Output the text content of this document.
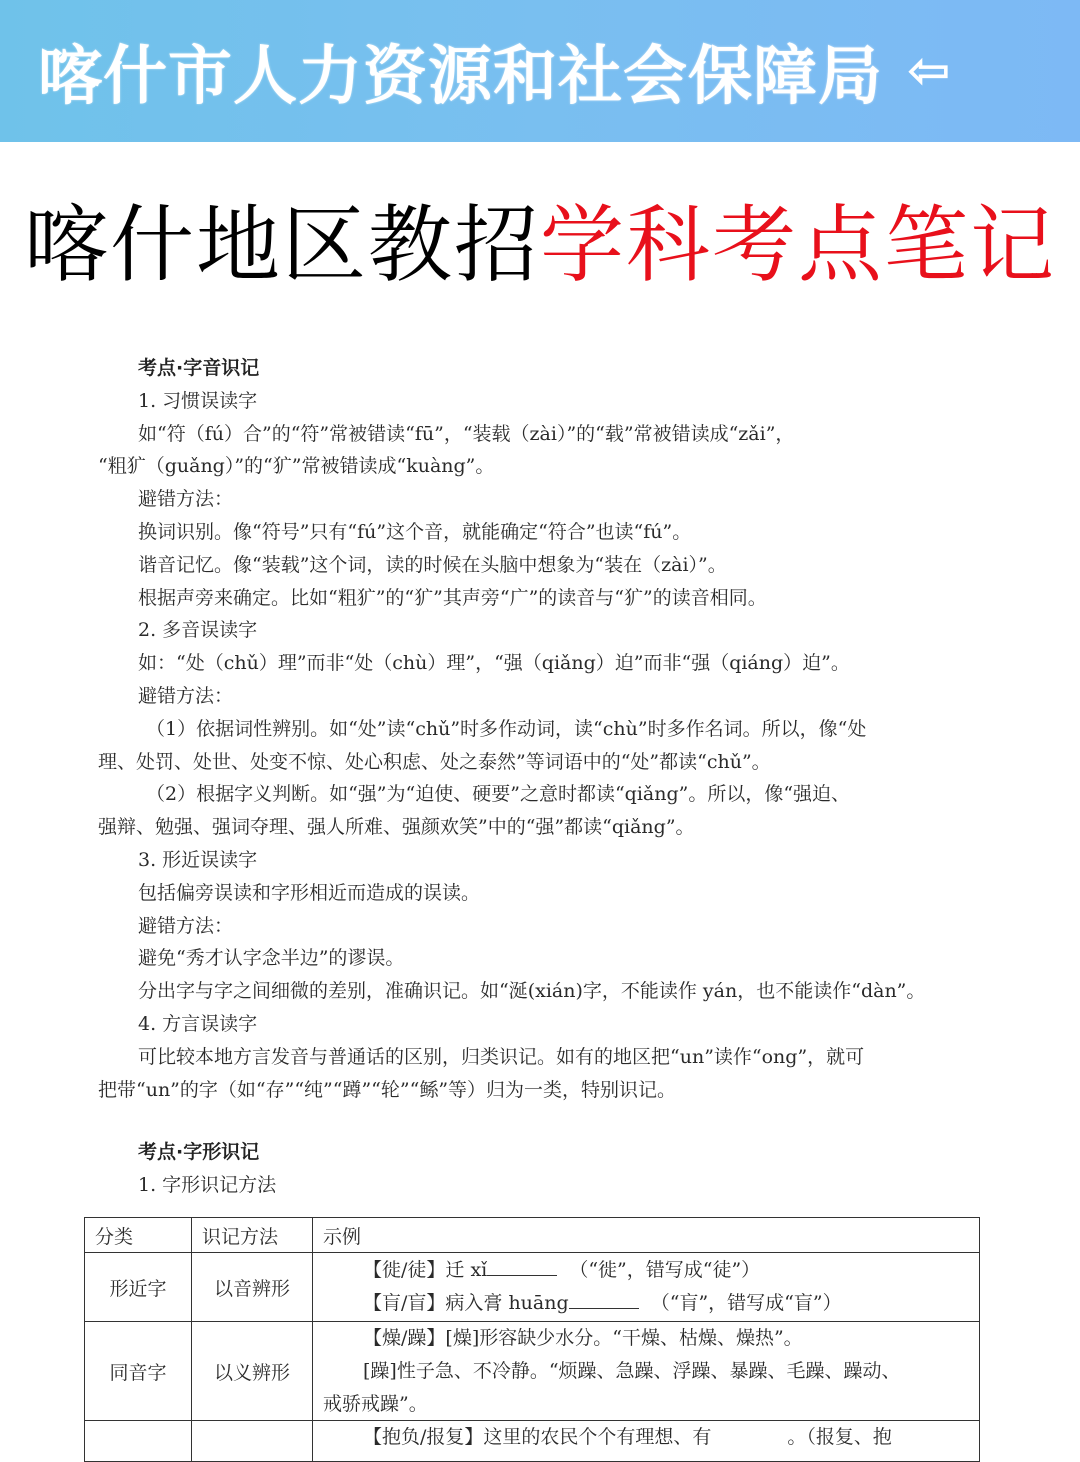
喀什市人力资源和社会保障局 ⇦
喀什地区教招学科考点笔记
考点·字音识记
1. 习惯误读字
如“符（fú）合”的“符”常被错读“fū”，“装载（zài）”的“载”常被错读成“zǎi”，
“粗犷（guǎng）”的“犷”常被错读成“kuàng”。
避错方法：
换词识别。像“符号”只有“fú”这个音，就能确定“符合”也读“fú”。
谐音记忆。像“装载”这个词，读的时候在头脑中想象为“装在（zài）”。
根据声旁来确定。比如“粗犷”的“犷”其声旁“广”的读音与“犷”的读音相同。
2. 多音误读字
如：“处（chǔ）理”而非“处（chù）理”，“强（qiǎng）迫”而非“强（qiáng）迫”。
避错方法：
（1）依据词性辨别。如“处”读“chǔ”时多作动词，读“chù”时多作名词。所以，像“处
理、处罚、处世、处变不惊、处心积虑、处之泰然”等词语中的“处”都读“chǔ”。
（2）根据字义判断。如“强”为“迫使、硬要”之意时都读“qiǎng”。所以，像“强迫、
强辩、勉强、强词夺理、强人所难、强颜欢笑”中的“强”都读“qiǎng”。
3. 形近误读字
包括偏旁误读和字形相近而造成的误读。
避错方法：
避免“秀才认字念半边”的谬误。
分出字与字之间细微的差别，准确识记。如“涎(xián)字，不能读作 yán，也不能读作“dàn”。
4. 方言误读字
可比较本地方言发音与普通话的区别，归类识记。如有的地区把“un”读作“ong”，就可
把带“un”的字（如“存”“纯”“蹲”“轮”“鲧”等）归为一类，特别识记。
考点·字形识记
1. 字形识记方法
分类	识记方法	示例
形近字	以音辨形	【徙/徒】迁 xǐ （“徙”，错写成“徒”）
【肓/盲】病入膏 huāng （“肓”，错写成“盲”）

同音字	以义辨形	【燥/躁】[燥]形容缺少水分。“干燥、枯燥、燥热”。
[躁]性子急、不冷静。“烦躁、急躁、浮躁、暴躁、毛躁、躁动、
戒骄戒躁”。

		【抱负/报复】这里的农民个个有理想、有　　　　。（报复、抱
